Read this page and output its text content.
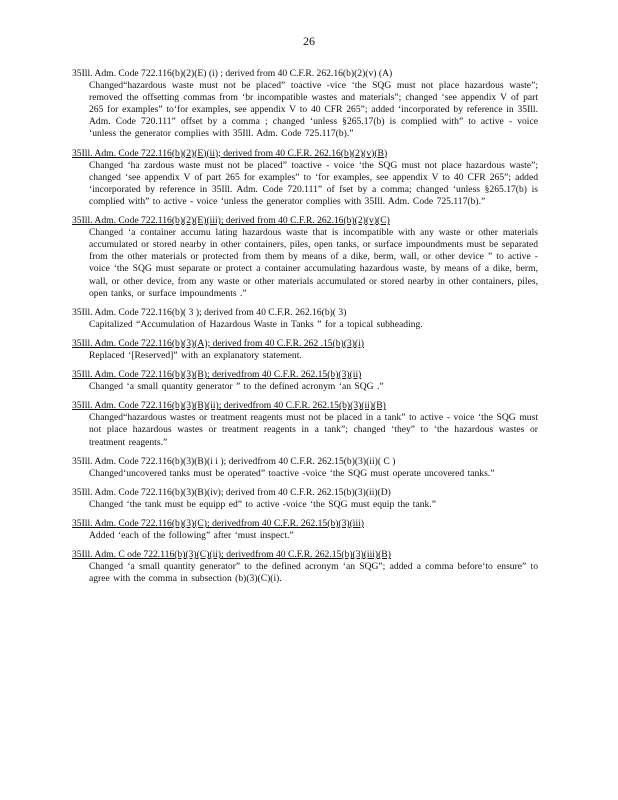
26
35Ill. Adm. Code 722.116(b)(2)(E) (i) ; derived from 40 C.F.R. 262.16(b)(2)(v) (A)
Changed“hazardous waste must not be placed” toactive -vice ‘the SQG must not place hazardous waste”; removed the offsetting commas from ‘br incompatible wastes and materials”; changed ‘see appendix V of part 265 for examples” to‘for examples, see appendix V to 40 CFR 265”; added ‘incorporated by reference in 35Ill. Adm. Code 720.111” offset by a comma ; changed ‘unless §265.17(b) is complied with” to active - voice ‘unless the generator complies with 35Ill. Adm. Code 725.117(b).”
35Ill. Adm. Code 722.116(b)(2)(E)(ii); derived from 40 C.F.R. 262.16(b)(2)(v)(B)
Changed ‘ha zardous waste must not be placed” toactive - voice ‘the SQG must not place hazardous waste”; changed ‘see appendix V of part 265 for examples” to ‘for examples, see appendix V to 40 CFR 265”; added ‘incorporated by reference in 35Ill. Adm. Code 720.111” of fset by a comma; changed ‘unless §265.17(b) is complied with” to active - voice ‘unless the generator complies with 35Ill. Adm. Code 725.117(b).”
35Ill. Adm. Code 722.116(b)(2)(E)(iii); derived from 40 C.F.R. 262.16(b)(2)(v)(C)
Changed ‘a container accumu lating hazardous waste that is incompatible with any waste or other materials accumulated or stored nearby in other containers, piles, open tanks, or surface impoundments must be separated from the other materials or protected from them by means of a dike, berm, wall, or other device ” to active -voice ‘the SQG must separate or protect a container accumulating hazardous waste, by means of a dike, berm, wall, or other device, from any waste or other materials accumulated or stored nearby in other containers, piles, open tanks, or surface impoundments .”
35Ill. Adm. Code 722.116(b)( 3 ); derived from 40 C.F.R. 262.16(b)( 3)
Capitalized “Accumulation of Hazardous Waste in Tanks ” for a topical subheading.
35Ill. Adm. Code 722.116(b)(3)(A); derived from 40 C.F.R. 262 .15(b)(3)(i)
Replaced ‘[Reserved]” with an explanatory statement.
35Ill. Adm. Code 722.116(b)(3)(B); derivedfrom 40 C.F.R. 262.15(b)(3)(ii)
Changed ‘a small quantity generator ” to the defined acronym ‘an SQG .”
35Ill. Adm. Code 722.116(b)(3)(B)(ii); derivedfrom 40 C.F.R. 262.15(b)(3)(ii)(B)
Changed“hazardous wastes or treatment reagents must not be placed in a tank” to active - voice ‘the SQG must not place hazardous wastes or treatment reagents in a tank”; changed ‘they” to ‘the hazardous wastes or treatment reagents.”
35Ill. Adm. Code 722.116(b)(3)(B)(i i ); derivedfrom 40 C.F.R. 262.15(b)(3)(ii)( C )
Changed‘uncovered tanks must be operated” toactive -voice ‘the SQG must operate uncovered tanks.”
35Ill. Adm. Code 722.116(b)(3)(B)(iv); derived from 40 C.F.R. 262.15(b)(3)(ii)(D)
Changed ‘the tank must be equipp ed” to active -voice ‘the SQG must equip the tank.”
35Ill. Adm. Code 722.116(b)(3)(C); derivedfrom 40 C.F.R. 262.15(b)(3)(iii)
Added ‘each of the following” after ‘must inspect.”
35Ill. Adm. C ode 722.116(b)(3)(C)(ii); derivedfrom 40 C.F.R. 262.15(b)(3)(iii)(B)
Changed ‘a small quantity generator” to the defined acronym ‘an SQG”; added a comma before‘to ensure” to agree with the comma in subsection (b)(3)(C)(i).
